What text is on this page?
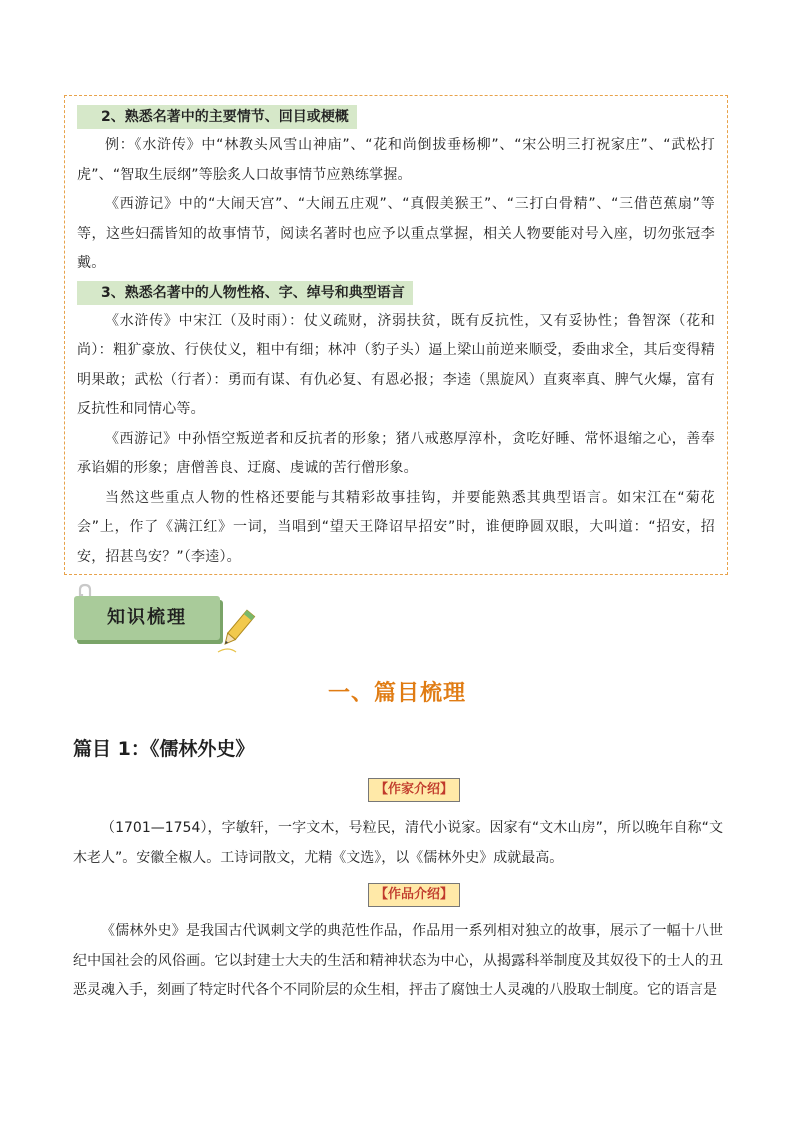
2、熟悉名著中的主要情节、回目或梗概

例：《水浒传》中“林教头风雪山神庙”、“花和尚倒拔垂杨柳”、“宋公明三打祝家庄”、“武松打虎”、“智取生辰纲”等脍炙人口故事情节应熟练掌握。

《西游记》中的“大闹天宫”、“大闹五庄观”、“真假美猴王”、“三打白骨精”、“三借芭蕉扇”等等，这些妇孺皆知的故事情节，阅读名著时也应予以重点掌握，相关人物要能对号入座，切勿张冠李戴。

3、熟悉名著中的人物性格、字、绰号和典型语言

《水浒传》中宋江（及时雨）：仗义疏财，济弱扶贫，既有反抗性，又有妥协性；鲁智深（花和尚）：粗犷豪放、行侠仗义，粗中有细；林冲（豹子头）逼上梁山前逆来顺受，委曲求全，其后变得精明果敢；武松（行者）：勇而有谋、有仇必复、有恩必报；李逵（黑旋风）直爽率真、脾气火爆，富有反抗性和同情心等。

《西游记》中孙悟空叛逆者和反抗者的形象；猪八戒憨厚淳朴，贪吃好睡、常怀退缩之心，善奉承谄媚的形象；唐僧善良、迂腐、虔诚的苦行僧形象。

当然这些重点人物的性格还要能与其精彩故事挂钩，并要能熟悉其典型语言。如宋江在“菊花会”上，作了《满江红》一词，当唱到“望天王降诏早招安”时，谁便睁圆双眼，大叫道：“招安，招安，招甚鸟安？”（李逵）。

知识梳理
一、篇目梳理
篇目 1：《儒林外史》
【作家介绍】

（1701—1754），字敏轩，一字文木，号粒民，清代小说家。因家有“文木山房”，所以晚年自称“文木老人”。安徽全椒人。工诗词散文，尤精《文选》，以《儒林外史》成就最高。

【作品介绍】

《儒林外史》是我国古代讽刺文学的典范性作品，作品用一系列相对独立的故事，展示了一幅十八世纪中国社会的风俗画。它以封建士大夫的生活和精神状态为中心，从揭露科举制度及其奴役下的士人的丑恶灵魂入手，刻画了特定时代各个不同阶层的众生相，抨击了腐蚀士人灵魂的八股取士制度。它的语言是
